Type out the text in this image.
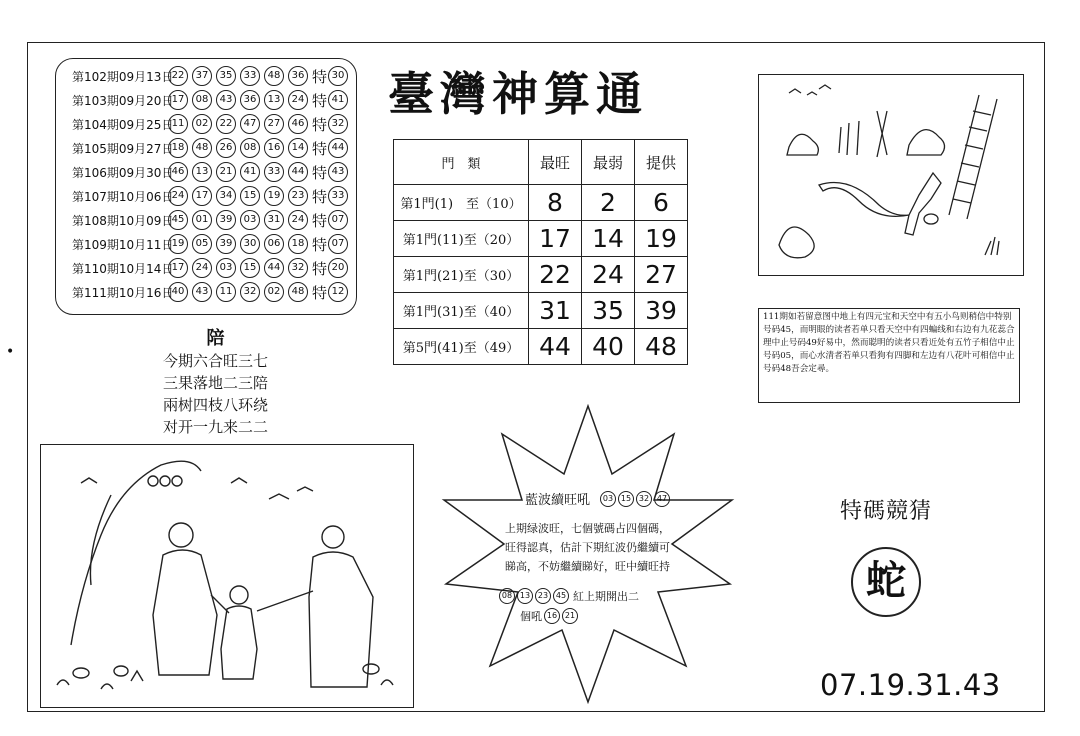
第102期09月13日
22	37	35	33	48	36 特 30
第103期09月20日
17	08	43	36	13	24 特 41
第104期09月25日
11	02	22	47	27	46 特 32
第105期09月27日
18	48	26	08	16	14 特 44
第106期09月30日
46	13	21	41	33	44 特 43
第107期10月06日
24	17	34	15	19	23 特 33
第108期10月09日
45	01	39	03	31	24 特 07
第109期10月11日
19	05	39	30	06	18 特 07
第110期10月14日
17	24	03	15	44	32 特 20
第111期10月16日
40	43	11	32	02	48 特 12
臺灣神算通
門　類	最旺	最弱	提供
第1門(1)　至（10）	8	2	6
第1門(11)至（20）	17	14	19
第1門(21)至（30）	22	24	27
第1門(31)至（40）	31	35	39
第5門(41)至（49）	44	40	48
陪
今期六合旺三七
三果落地二三陪
兩树四枝八环绕
对开一九来二二
111期如若留意图中地上有四元宝和天空中有五小鸟则稍信中特别号码45，而明眼的读者若单只看天空中有四蝙线和右边有九花蕊合理中止号码49好易中，然而聪明的读者只看近处有五竹子相信中止号码05，而心水清者若单只看狗有四脚和左边有八花叶可相信中止号码48吾会定尋。
藍波續旺吼	03 15 32 47
上期绿波旺，七個號碼占四個碼，旺得認真，估計下期紅波仍繼續可睇高，不妨繼續睇好，旺中續旺持
08 13 23 45 紅上期開出二
個吼 16 21
特碼競猜
蛇
07.19.31.43
•
